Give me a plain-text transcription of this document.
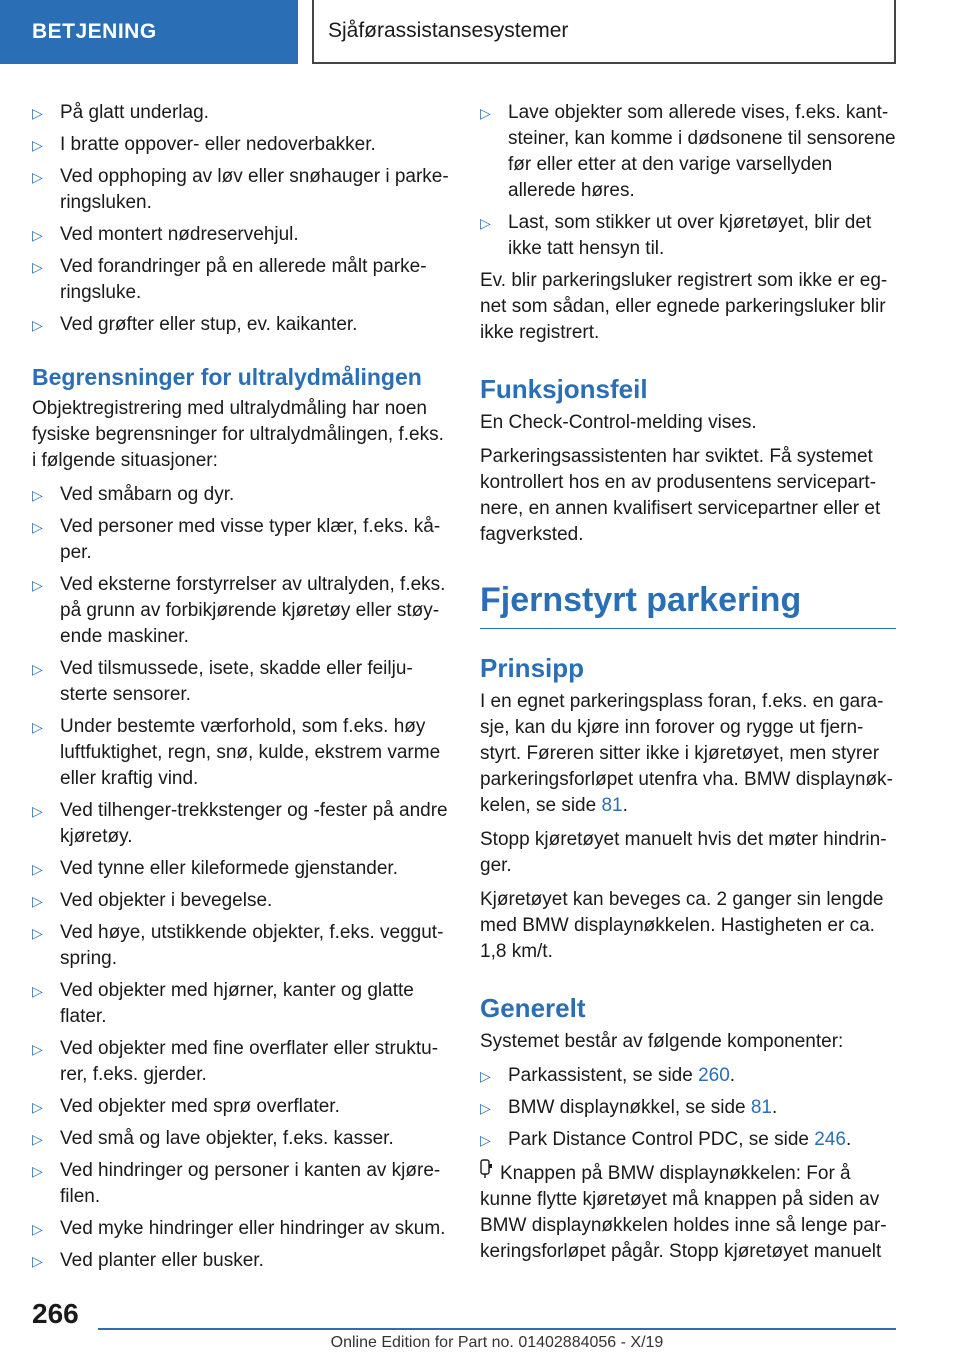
BETJENING	Sjåførassistansesystemer
▷ På glatt underlag.
▷ I bratte oppover- eller nedoverbakker.
▷ Ved opphoping av løv eller snøhauger i parkeringsluken.
▷ Ved montert nødreservehjul.
▷ Ved forandringer på en allerede målt parkeringsluke.
▷ Ved grøfter eller stup, ev. kaikanter.
Begrensninger for ultralydmålingen

Objektregistrering med ultralydmåling har noen fysiske begrensninger for ultralydmålingen, f.eks. i følgende situasjoner:

▷ Ved småbarn og dyr.
▷ Ved personer med visse typer klær, f.eks. kåper.
▷ Ved eksterne forstyrrelser av ultralyden, f.eks. på grunn av forbikjørende kjøretøy eller støyende maskiner.
▷ Ved tilsmussede, isete, skadde eller feiljusterte sensorer.
▷ Under bestemte værforhold, som f.eks. høy luftfuktighet, regn, snø, kulde, ekstrem varme eller kraftig vind.
▷ Ved tilhenger-trekkstenger og -fester på andre kjøretøy.
▷ Ved tynne eller kileformede gjenstander.
▷ Ved objekter i bevegelse.
▷ Ved høye, utstikkende objekter, f.eks. veggutspring.
▷ Ved objekter med hjørner, kanter og glatte flater.
▷ Ved objekter med fine overflater eller strukturer, f.eks. gjerder.
▷ Ved objekter med sprø overflater.
▷ Ved små og lave objekter, f.eks. kasser.
▷ Ved hindringer og personer i kanten av kjørefilen.
▷ Ved myke hindringer eller hindringer av skum.
▷ Ved planter eller busker.
▷ Lave objekter som allerede vises, f.eks. kantsteiner, kan komme i dødsonene til sensorene før eller etter at den varige varsellyden allerede høres.
▷ Last, som stikker ut over kjøretøyet, blir det ikke tatt hensyn til.

Ev. blir parkeringsluker registrert som ikke er egnet som sådan, eller egnede parkeringsluker blir ikke registrert.

Funksjonsfeil

En Check-Control-melding vises.

Parkeringsassistenten har sviktet. Få systemet kontrollert hos en av produsentens servicepartnere, en annen kvalifisert servicepartner eller et fagverksted.

Fjernstyrt parkering
Prinsipp

I en egnet parkeringsplass foran, f.eks. en garasje, kan du kjøre inn forover og rygge ut fjernstyrt. Føreren sitter ikke i kjøretøyet, men styrer parkeringsforløpet utenfra vha. BMW displaynøkkelen, se side 81.

Stopp kjøretøyet manuelt hvis det møter hindringer.

Kjøretøyet kan beveges ca. 2 ganger sin lengde med BMW displaynøkkelen. Hastigheten er ca. 1,8 km/t.

Generelt

Systemet består av følgende komponenter:

▷ Parkassistent, se side 260.
▷ BMW displaynøkkel, se side 81.
▷ Park Distance Control PDC, se side 246.

Knappen på BMW displaynøkkelen: For å kunne flytte kjøretøyet må knappen på siden av BMW displaynøkkelen holdes inne så lenge parkeringsforløpet pågår. Stopp kjøretøyet manuelt

266
Online Edition for Part no. 01402884056 - X/19
